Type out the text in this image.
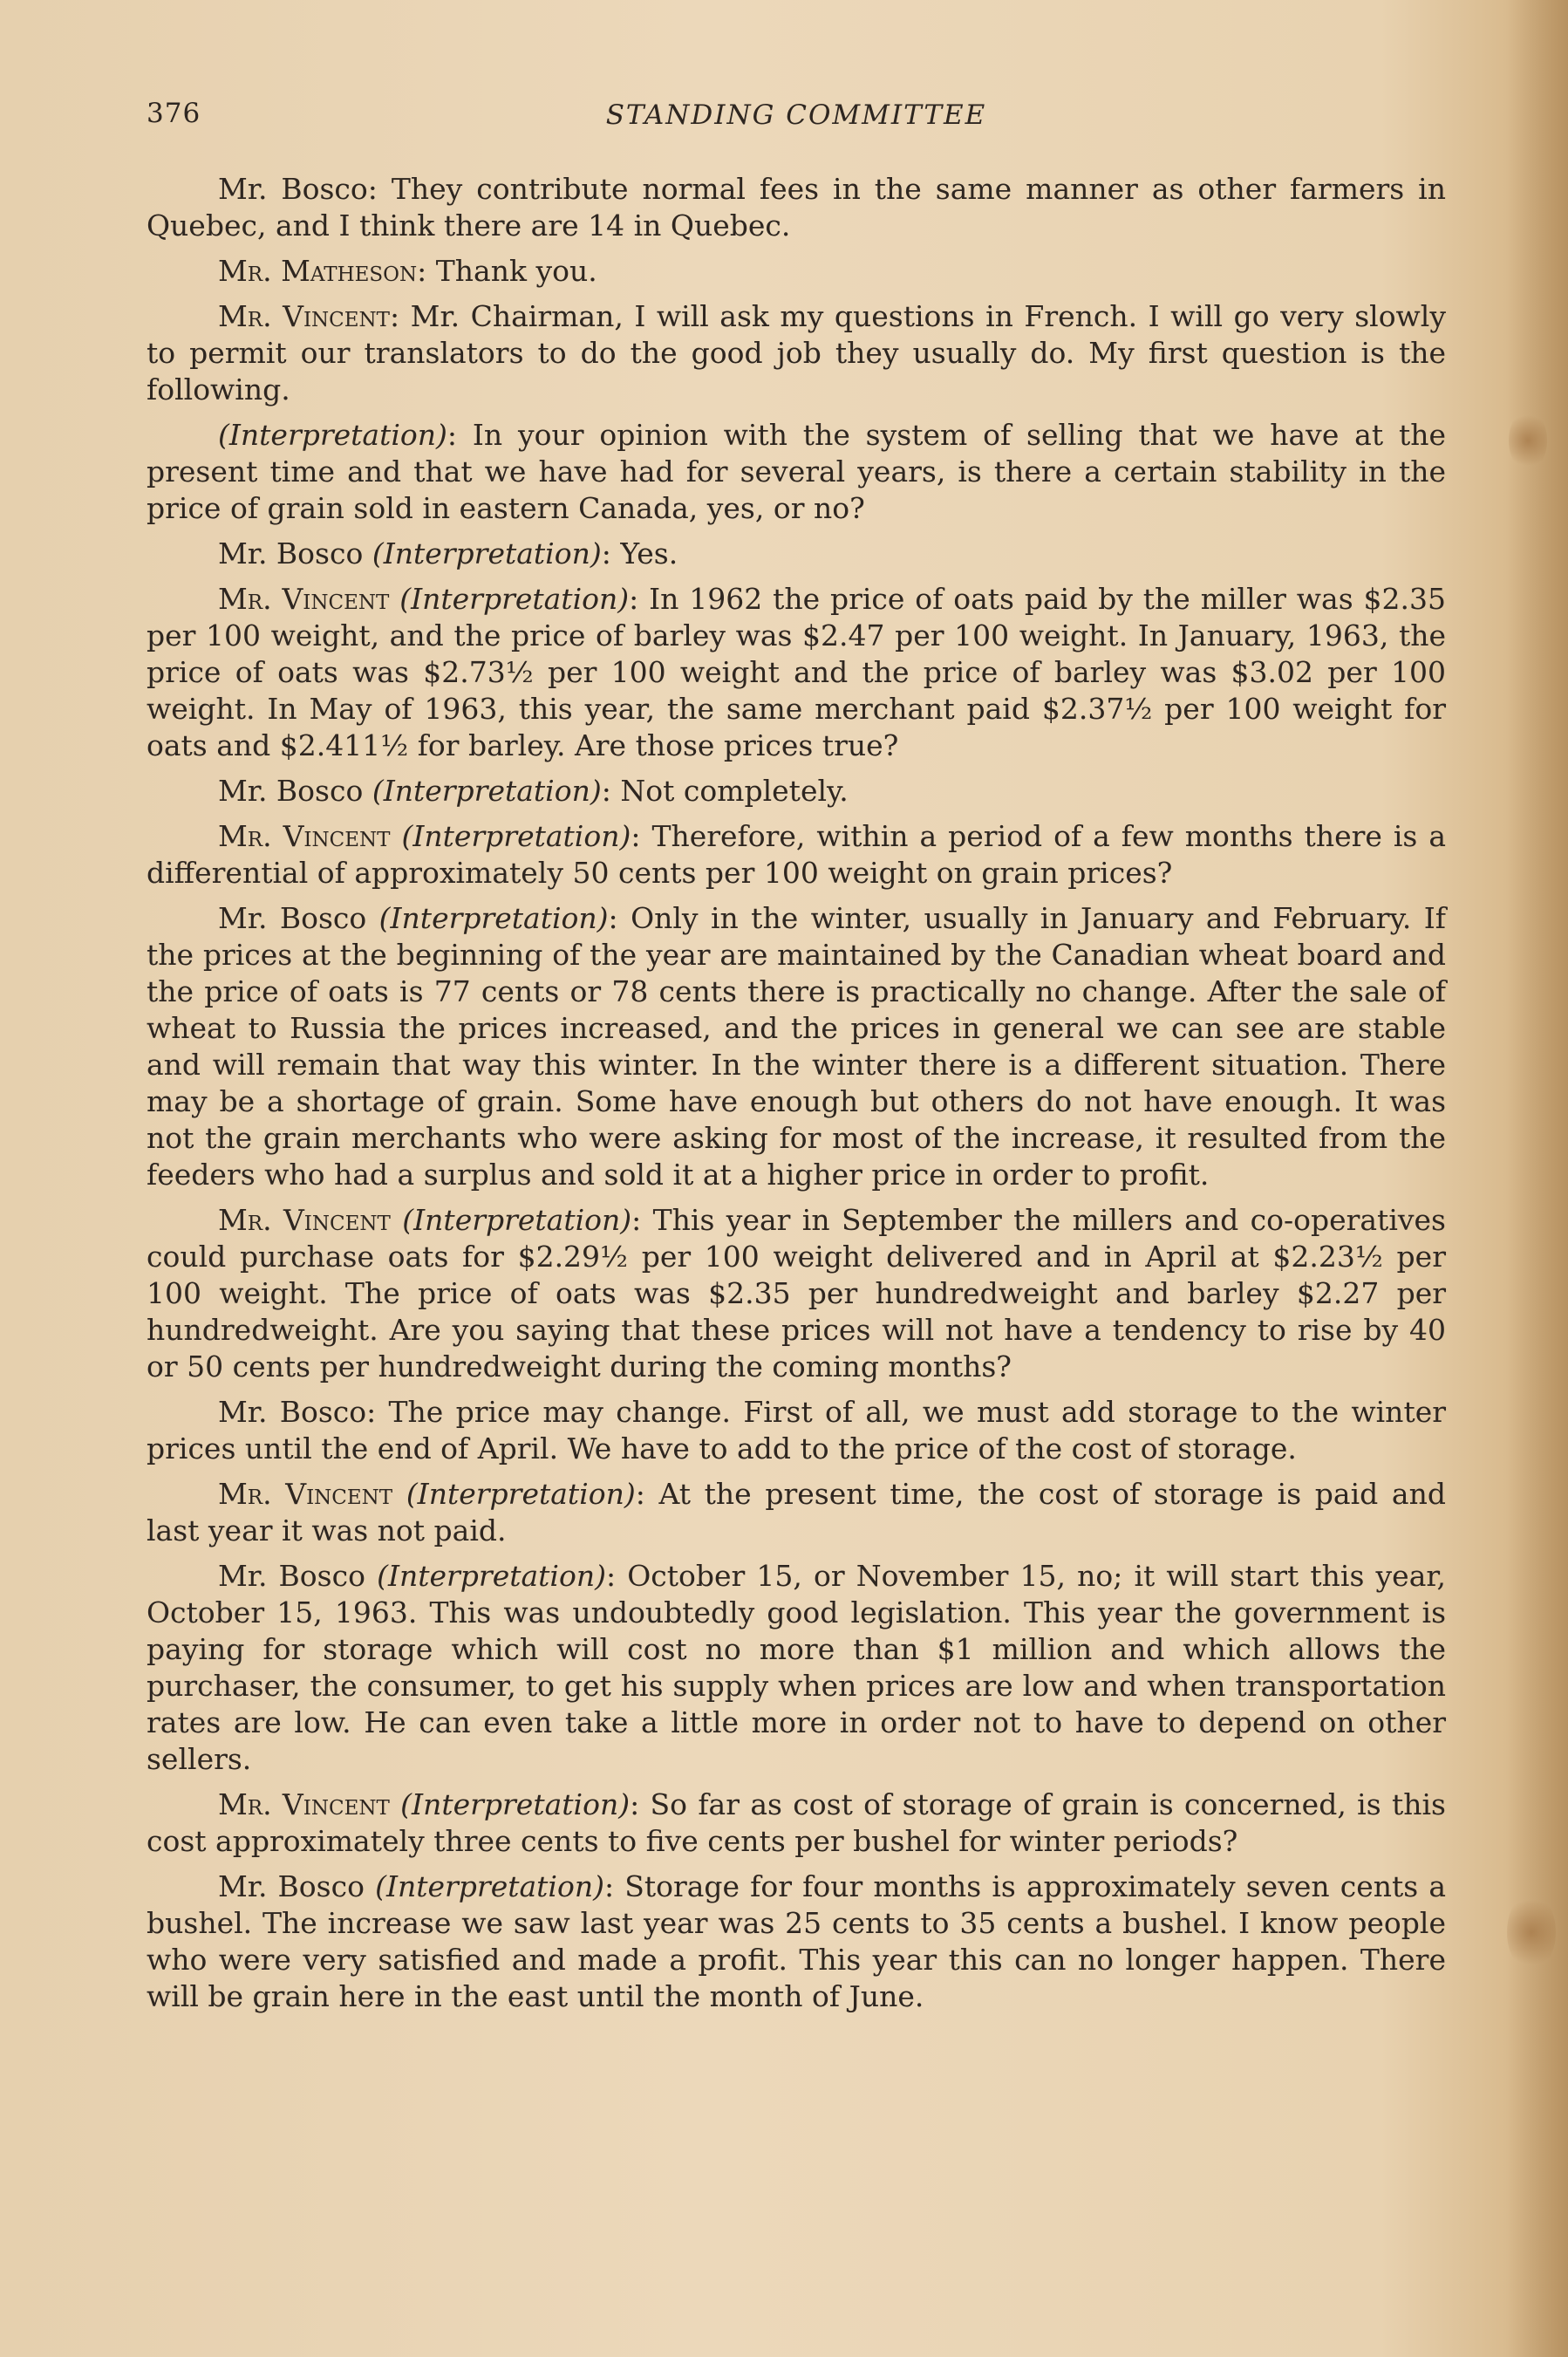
376	STANDING COMMITTEE

Mr. Bosco: They contribute normal fees in the same manner as other farmers in Quebec, and I think there are 14 in Quebec.

Mr. Matheson: Thank you.

Mr. Vincent: Mr. Chairman, I will ask my questions in French. I will go very slowly to permit our translators to do the good job they usually do. My first question is the following.

(Interpretation): In your opinion with the system of selling that we have at the present time and that we have had for several years, is there a certain stability in the price of grain sold in eastern Canada, yes, or no?

Mr. Bosco (Interpretation): Yes.

Mr. Vincent (Interpretation): In 1962 the price of oats paid by the miller was $2.35 per 100 weight, and the price of barley was $2.47 per 100 weight. In January, 1963, the price of oats was $2.73½ per 100 weight and the price of barley was $3.02 per 100 weight. In May of 1963, this year, the same merchant paid $2.37½ per 100 weight for oats and $2.411½ for barley. Are those prices true?

Mr. Bosco (Interpretation): Not completely.

Mr. Vincent (Interpretation): Therefore, within a period of a few months there is a differential of approximately 50 cents per 100 weight on grain prices?

Mr. Bosco (Interpretation): Only in the winter, usually in January and February. If the prices at the beginning of the year are maintained by the Canadian wheat board and the price of oats is 77 cents or 78 cents there is practically no change. After the sale of wheat to Russia the prices increased, and the prices in general we can see are stable and will remain that way this winter. In the winter there is a different situation. There may be a shortage of grain. Some have enough but others do not have enough. It was not the grain merchants who were asking for most of the increase, it resulted from the feeders who had a surplus and sold it at a higher price in order to profit.

Mr. Vincent (Interpretation): This year in September the millers and co-operatives could purchase oats for $2.29½ per 100 weight delivered and in April at $2.23½ per 100 weight. The price of oats was $2.35 per hundredweight and barley $2.27 per hundredweight. Are you saying that these prices will not have a tendency to rise by 40 or 50 cents per hundredweight during the coming months?

Mr. Bosco: The price may change. First of all, we must add storage to the winter prices until the end of April. We have to add to the price of the cost of storage.

Mr. Vincent (Interpretation): At the present time, the cost of storage is paid and last year it was not paid.

Mr. Bosco (Interpretation): October 15, or November 15, no; it will start this year, October 15, 1963. This was undoubtedly good legislation. This year the government is paying for storage which will cost no more than $1 million and which allows the purchaser, the consumer, to get his supply when prices are low and when transportation rates are low. He can even take a little more in order not to have to depend on other sellers.

Mr. Vincent (Interpretation): So far as cost of storage of grain is concerned, is this cost approximately three cents to five cents per bushel for winter periods?

Mr. Bosco (Interpretation): Storage for four months is approximately seven cents a bushel. The increase we saw last year was 25 cents to 35 cents a bushel. I know people who were very satisfied and made a profit. This year this can no longer happen. There will be grain here in the east until the month of June.
